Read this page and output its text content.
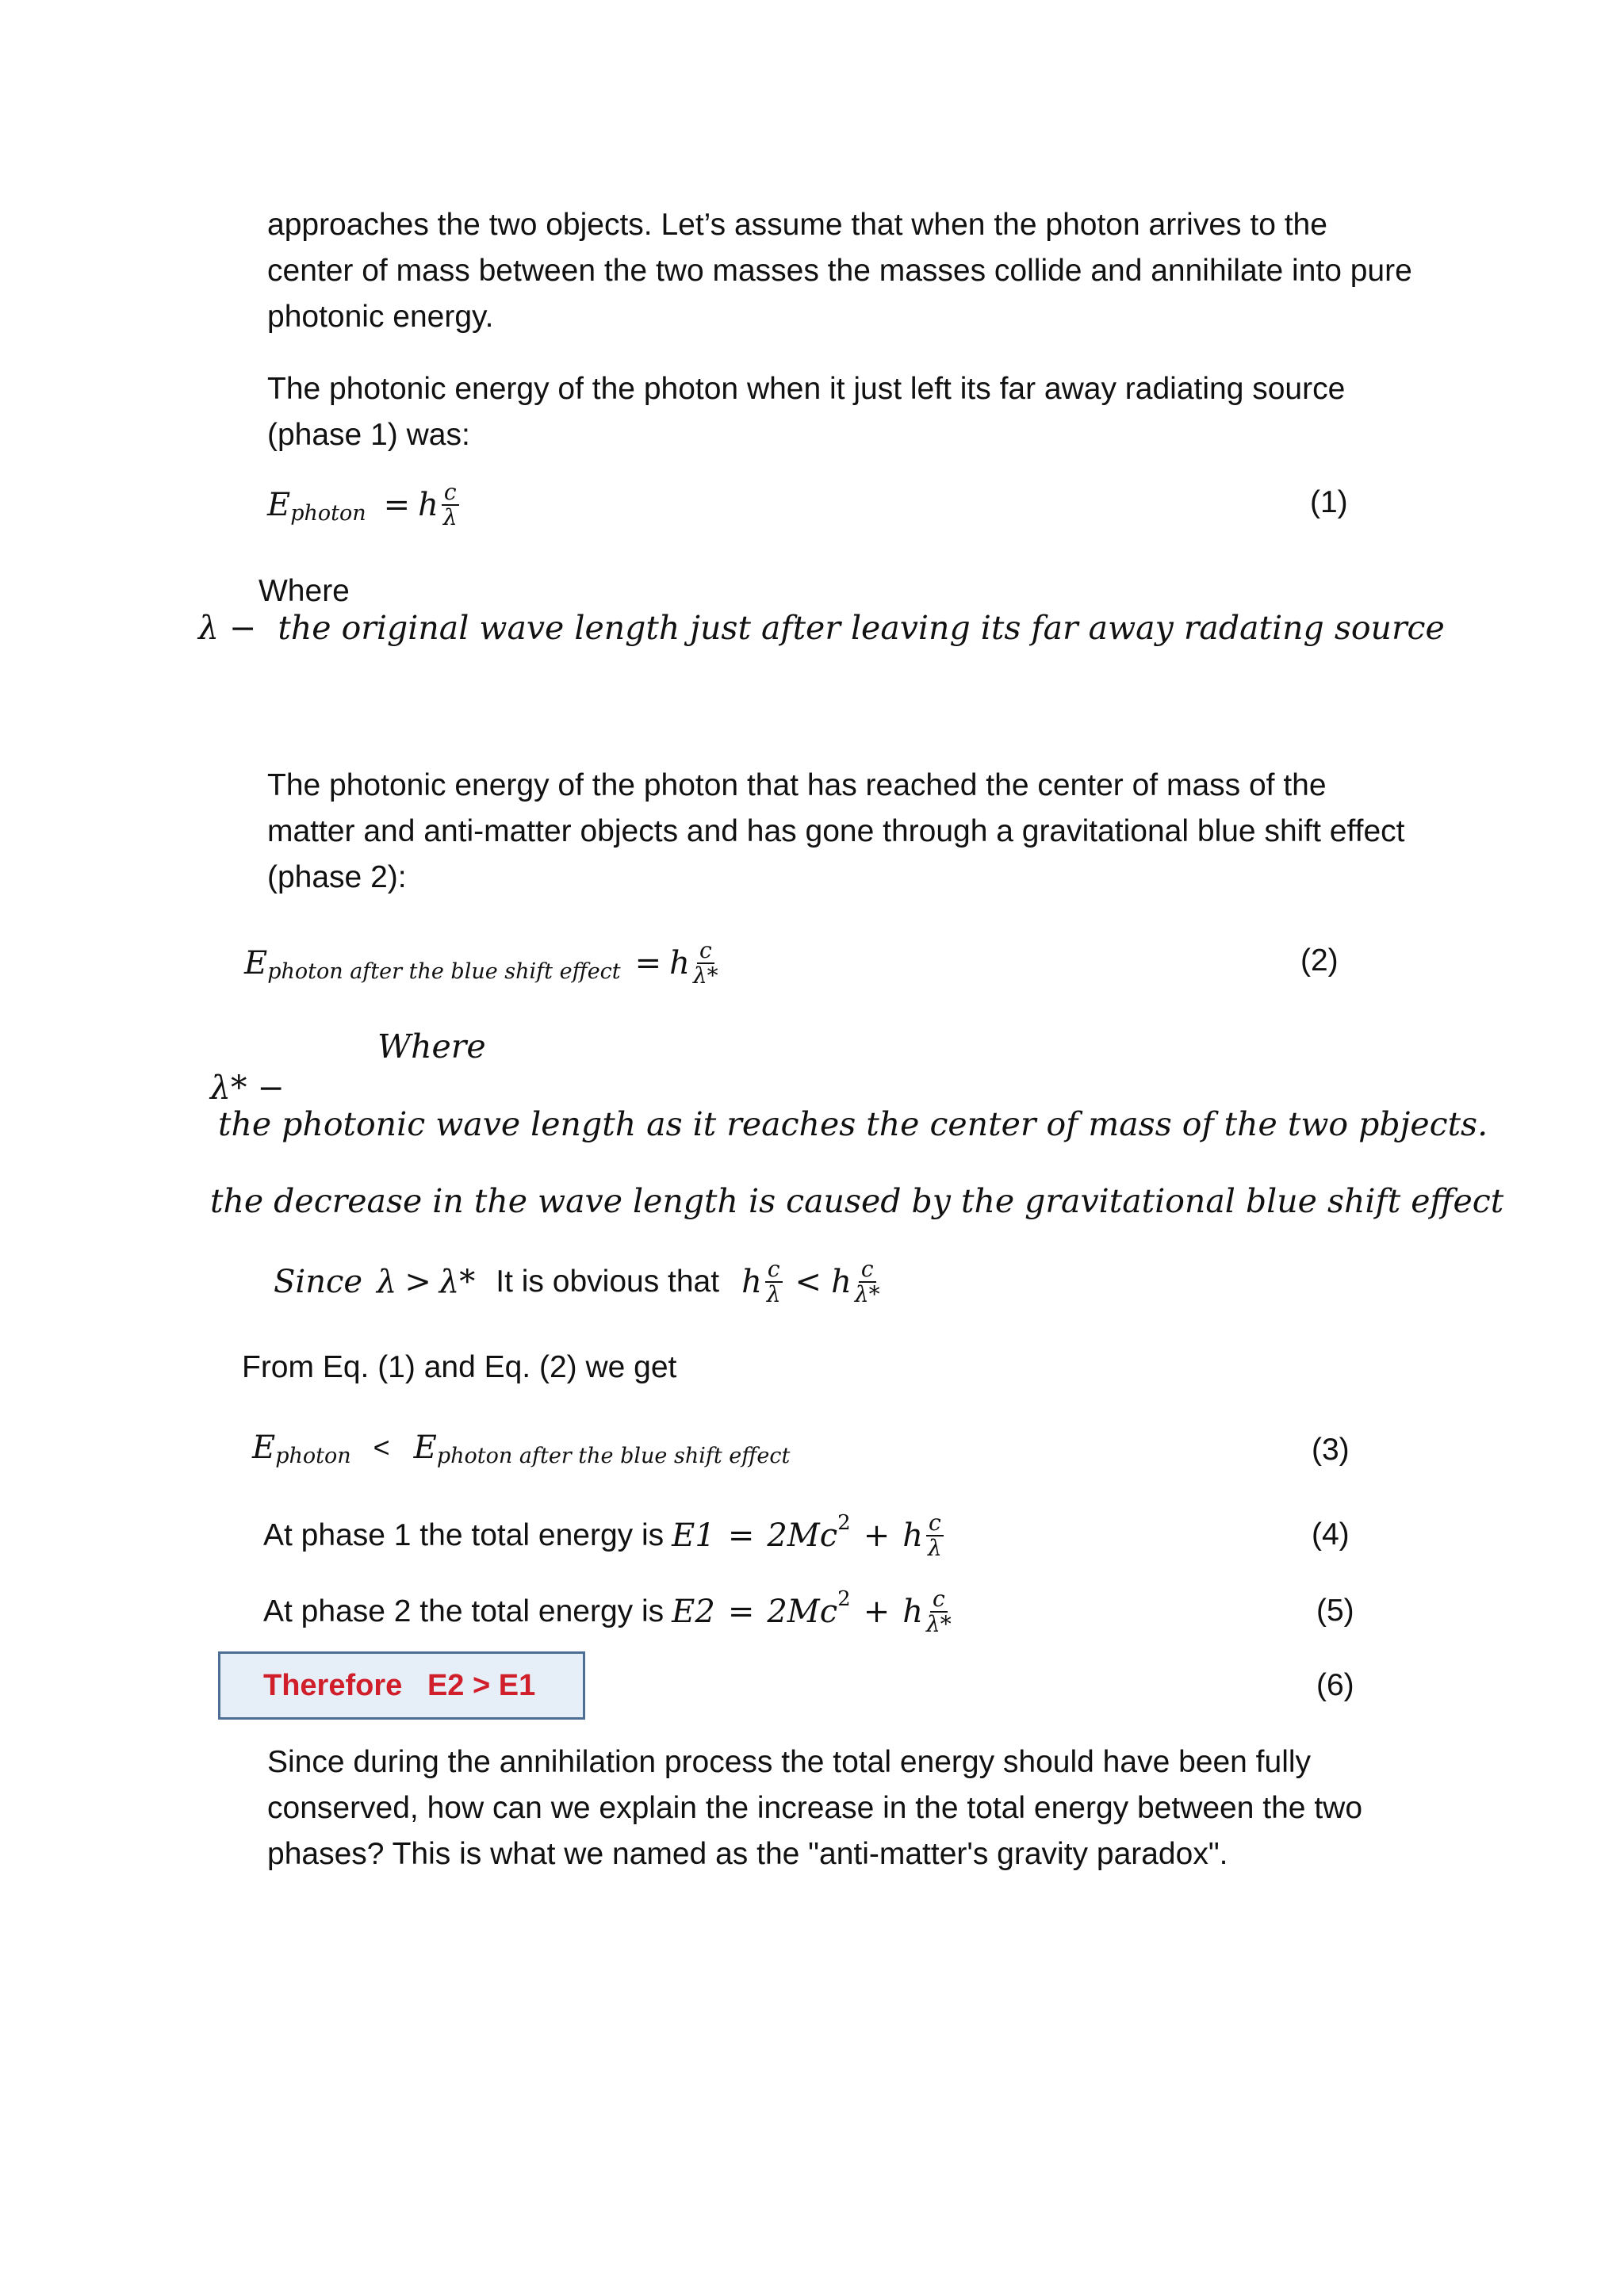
approaches the two objects. Let’s assume that when the photon arrives to the center of mass between the two masses the masses collide and annihilate into pure photonic energy.
The photonic energy of the photon when it just left its far away radiating source (phase 1) was:
E photon = h $\frac{c}{\lambda}$	(1)
Where
λ − the original wave length just after leaving its far away radating source
The photonic energy of the photon that has reached the center of mass of the matter and anti-matter objects and has gone through a gravitational blue shift effect     (phase 2):
E photon after the blue shift effect = h $\frac{c}{\lambda*}$	(2)
Where
λ* −
the photonic wave length as it reaches the center of mass of the two pbjects.
the decrease in the wave length is caused by the gravitational blue shift effect
Since λ > λ* It is obvious that h $\frac{c}{\lambda} < h \frac{c}{\lambda*}$
From Eq. (1) and Eq. (2) we get
E photon < E photon after the blue shift effect	(3)
At phase 1 the total energy is E1 = 2Mc 2 + h $\frac{c}{\lambda}$	(4)
At phase 2 the total energy is E2 = 2Mc 2 + h $\frac{c}{\lambda*}$	(5)
Therefore   E2 > E1	(6)
Since during the annihilation process the total energy should have been fully conserved, how can we explain the increase in the total energy between the two phases? This is what we named as the "anti-matter's gravity paradox".
